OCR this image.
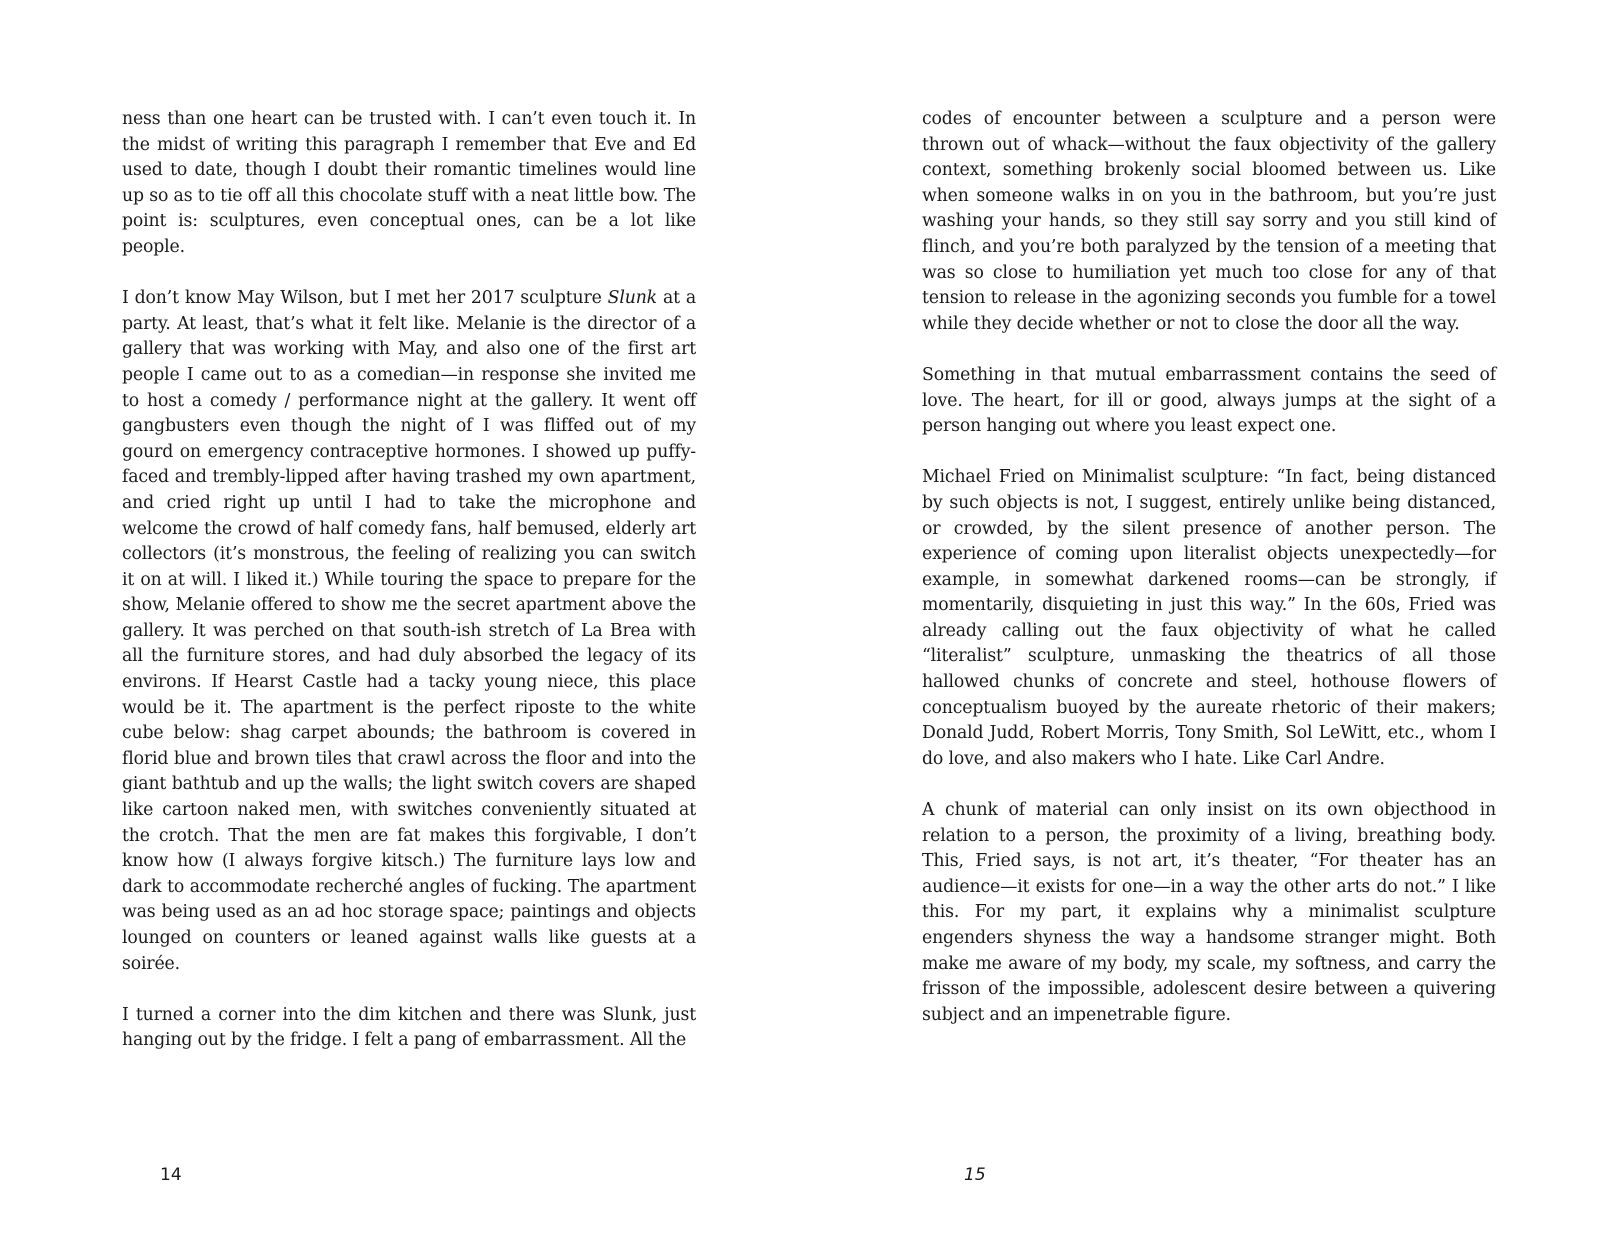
ness than one heart can be trusted with. I can’t even touch it. In the midst of writing this paragraph I remember that Eve and Ed used to date, though I doubt their romantic timelines would line up so as to tie off all this chocolate stuff with a neat little bow. The point is: sculptures, even conceptual ones, can be a lot like people.

I don’t know May Wilson, but I met her 2017 sculpture Slunk at a party. At least, that’s what it felt like. Melanie is the director of a gallery that was working with May, and also one of the first art people I came out to as a comedian—in response she invited me to host a comedy / performance night at the gallery. It went off gangbusters even though the night of I was fliffed out of my gourd on emergency contraceptive hormones. I showed up puffy-faced and trembly-lipped after having trashed my own apartment, and cried right up until I had to take the microphone and welcome the crowd of half comedy fans, half bemused, elderly art collectors (it’s monstrous, the feeling of realizing you can switch it on at will. I liked it.) While touring the space to prepare for the show, Melanie offered to show me the secret apartment above the gallery. It was perched on that south-ish stretch of La Brea with all the furniture stores, and had duly absorbed the legacy of its environs. If Hearst Castle had a tacky young niece, this place would be it. The apartment is the perfect riposte to the white cube below: shag carpet abounds; the bathroom is covered in florid blue and brown tiles that crawl across the floor and into the giant bathtub and up the walls; the light switch covers are shaped like cartoon naked men, with switches conveniently situated at the crotch. That the men are fat makes this forgivable, I don’t know how (I always forgive kitsch.) The furniture lays low and dark to accommodate recherché angles of fucking. The apartment was being used as an ad hoc storage space; paintings and objects lounged on counters or leaned against walls like guests at a soirée.

I turned a corner into the dim kitchen and there was Slunk, just hanging out by the fridge. I felt a pang of embarrassment. All the

14

codes of encounter between a sculpture and a person were thrown out of whack—without the faux objectivity of the gallery context, something brokenly social bloomed between us. Like when someone walks in on you in the bathroom, but you’re just washing your hands, so they still say sorry and you still kind of flinch, and you’re both paralyzed by the tension of a meeting that was so close to humiliation yet much too close for any of that tension to release in the agonizing seconds you fumble for a towel while they decide whether or not to close the door all the way.

Something in that mutual embarrassment contains the seed of love. The heart, for ill or good, always jumps at the sight of a person hanging out where you least expect one.

Michael Fried on Minimalist sculpture: “In fact, being distanced by such objects is not, I suggest, entirely unlike being distanced, or crowded, by the silent presence of another person. The experience of coming upon literalist objects unexpectedly—for example, in somewhat darkened rooms—can be strongly, if momentarily, disquieting in just this way.” In the 60s, Fried was already calling out the faux objectivity of what he called “literalist” sculpture, unmasking the theatrics of all those hallowed chunks of concrete and steel, hothouse flowers of conceptualism buoyed by the aureate rhetoric of their makers; Donald Judd, Robert Morris, Tony Smith, Sol LeWitt, etc., whom I do love, and also makers who I hate. Like Carl Andre.

A chunk of material can only insist on its own objecthood in relation to a person, the proximity of a living, breathing body. This, Fried says, is not art, it’s theater, “For theater has an audience—it exists for one—in a way the other arts do not.” I like this. For my part, it explains why a minimalist sculpture engenders shyness the way a handsome stranger might. Both make me aware of my body, my scale, my softness, and carry the frisson of the impossible, adolescent desire between a quivering subject and an impenetrable figure.

15
